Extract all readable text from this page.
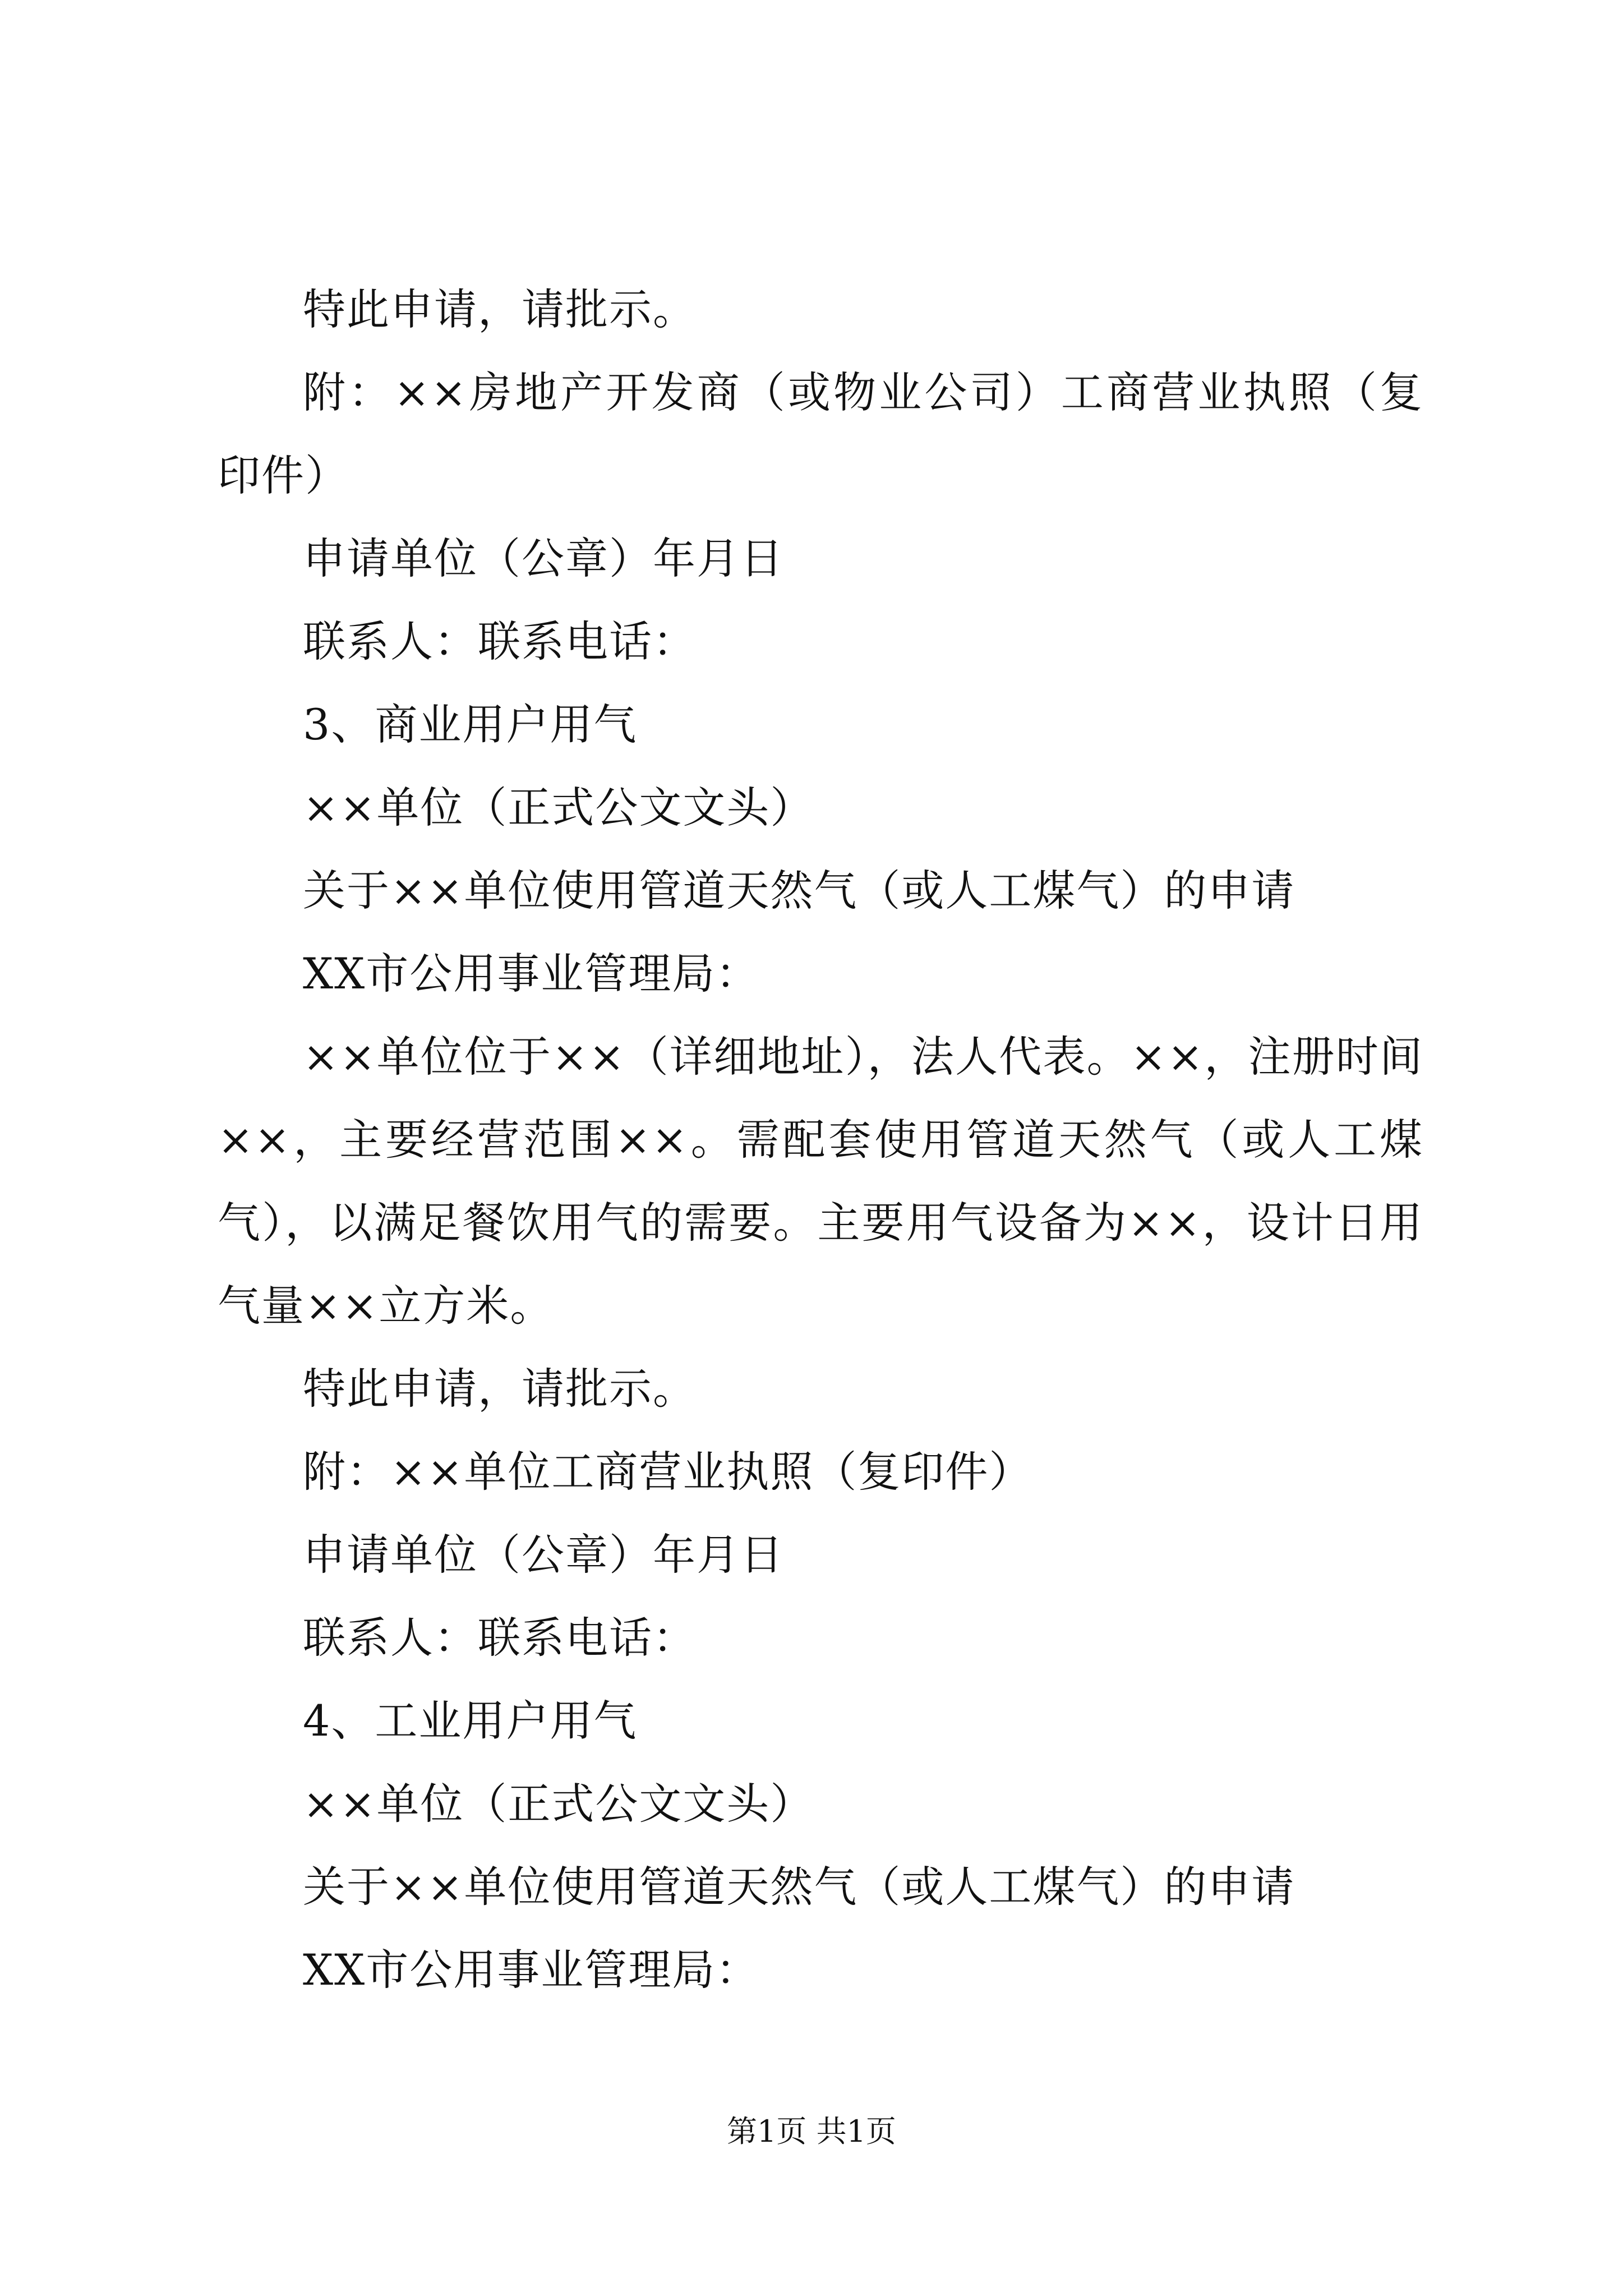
特此申请，请批示。

附：××房地产开发商（或物业公司）工商营业执照（复印件）

申请单位（公章）年月日

联系人：联系电话：

3、商业用户用气

××单位（正式公文文头）

关于××单位使用管道天然气（或人工煤气）的申请

XX市公用事业管理局：

××单位位于××（详细地址），法人代表。××，注册时间××，主要经营范围××。需配套使用管道天然气（或人工煤气），以满足餐饮用气的需要。主要用气设备为××，设计日用气量××立方米。

特此申请，请批示。

附：××单位工商营业执照（复印件）

申请单位（公章）年月日

联系人：联系电话：

4、工业用户用气

××单位（正式公文文头）

关于××单位使用管道天然气（或人工煤气）的申请

XX市公用事业管理局：

第1页 共1页
